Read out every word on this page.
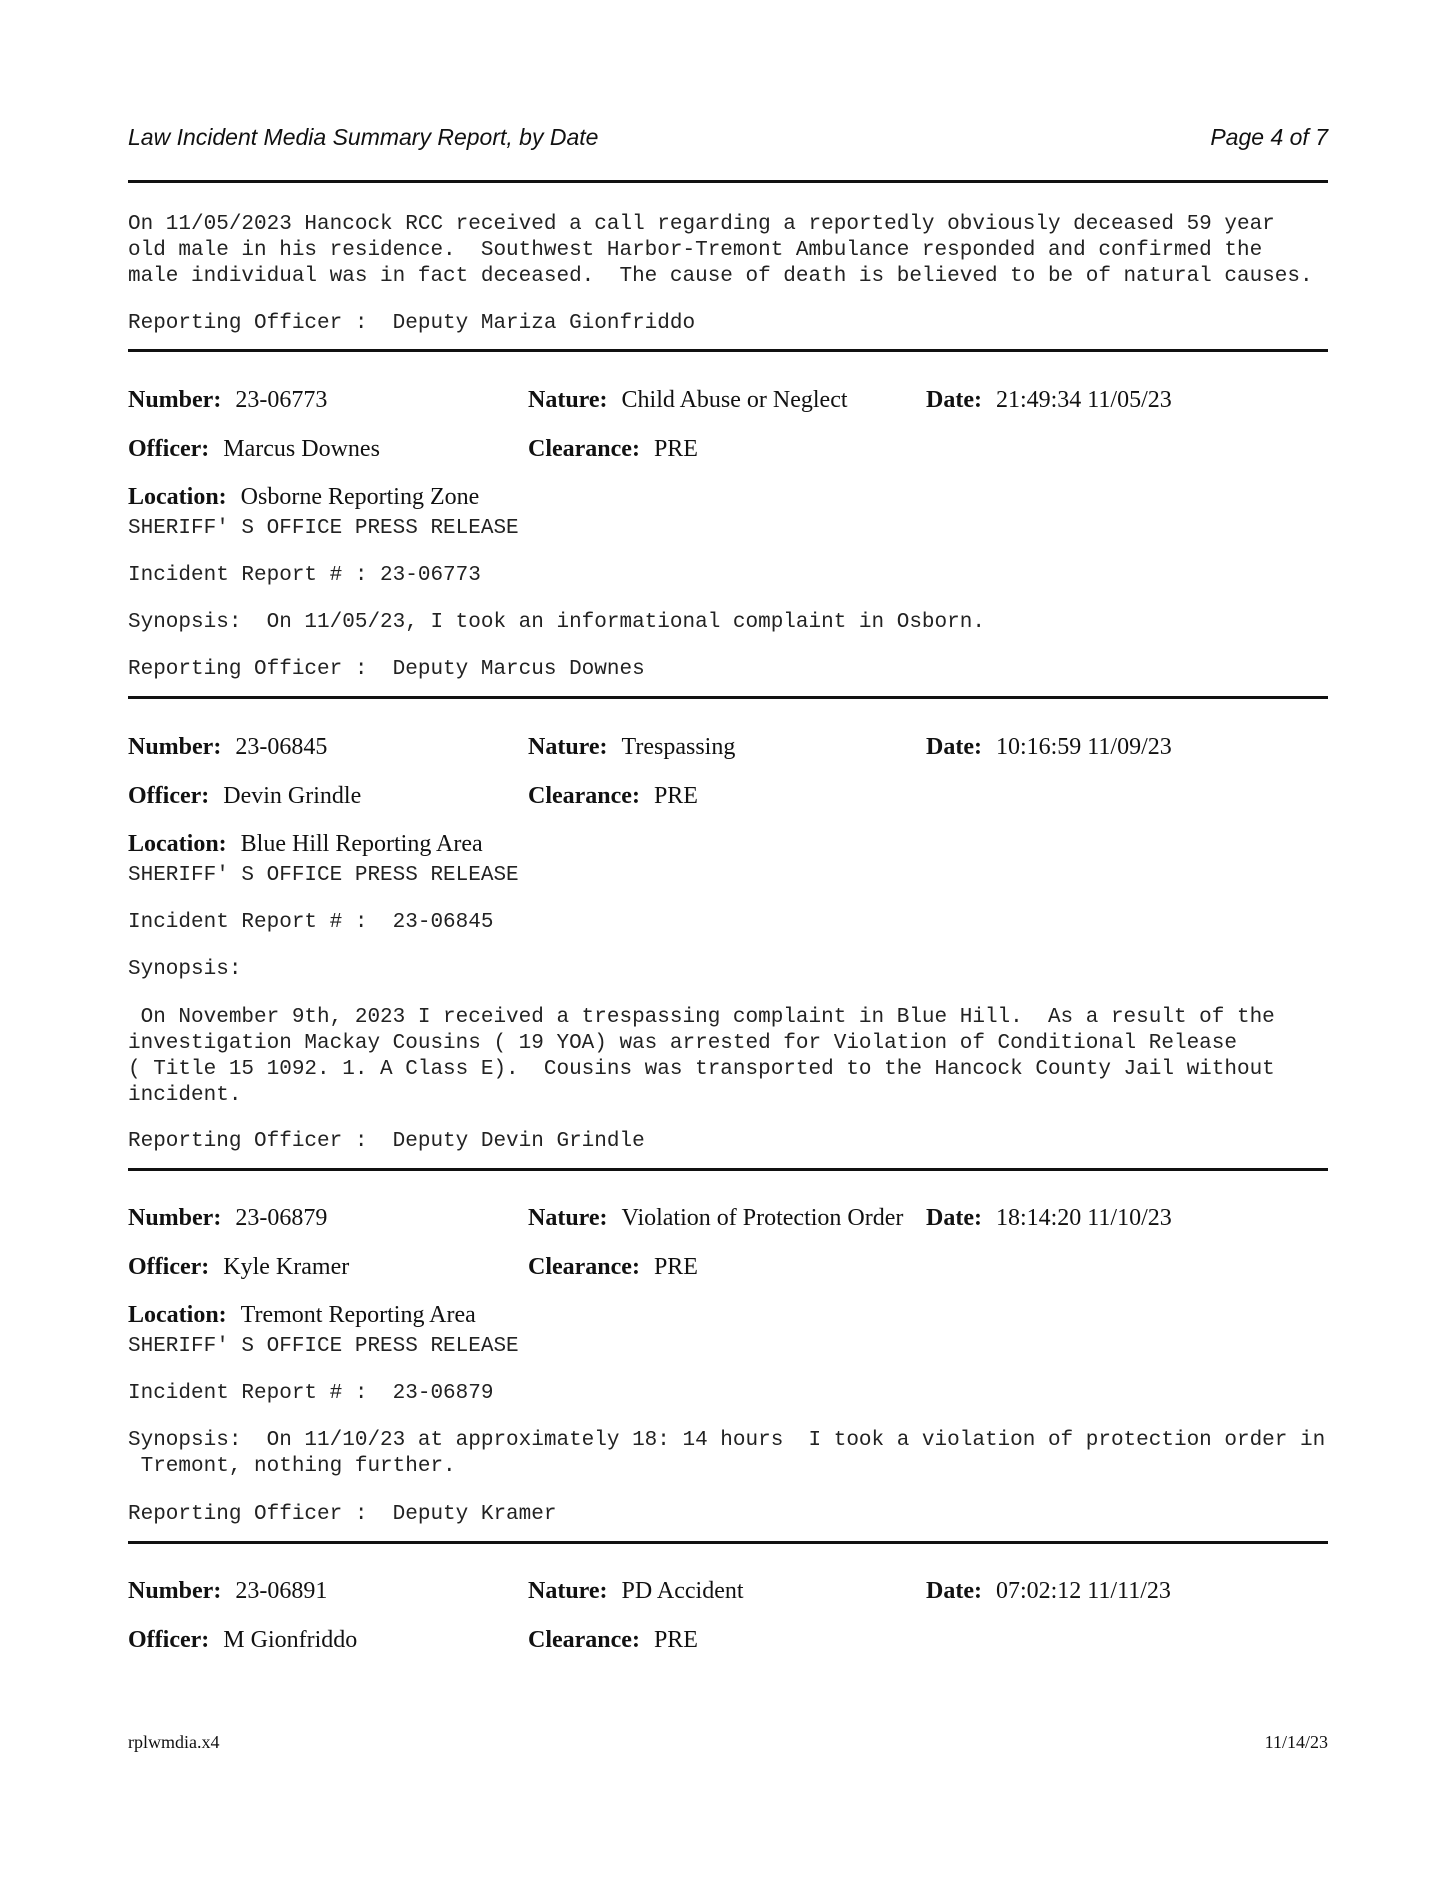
Law Incident Media Summary Report, by Date	Page 4 of 7
On 11/05/2023 Hancock RCC received a call regarding a reportedly obviously deceased 59 year
old male in his residence.  Southwest Harbor-Tremont Ambulance responded and confirmed the
male individual was in fact deceased.  The cause of death is believed to be of natural causes.
Reporting Officer :  Deputy Mariza Gionfriddo
Number: 23-06773	Nature: Child Abuse or Neglect	Date: 21:49:34 11/05/23
Officer: Marcus Downes	Clearance: PRE
Location: Osborne Reporting Zone
SHERIFF' S OFFICE PRESS RELEASE
Incident Report # : 23-06773
Synopsis:  On 11/05/23, I took an informational complaint in Osborn.
Reporting Officer :  Deputy Marcus Downes
Number: 23-06845	Nature: Trespassing	Date: 10:16:59 11/09/23
Officer: Devin Grindle	Clearance: PRE
Location: Blue Hill Reporting Area
SHERIFF' S OFFICE PRESS RELEASE
Incident Report # :  23-06845
Synopsis:
On November 9th, 2023 I received a trespassing complaint in Blue Hill.  As a result of the
investigation Mackay Cousins ( 19 YOA) was arrested for Violation of Conditional Release
( Title 15 1092. 1. A Class E).  Cousins was transported to the Hancock County Jail without
incident.
Reporting Officer :  Deputy Devin Grindle
Number: 23-06879	Nature: Violation of Protection Order Date: 18:14:20 11/10/23
Officer: Kyle Kramer	Clearance: PRE
Location: Tremont Reporting Area
SHERIFF' S OFFICE PRESS RELEASE
Incident Report # :  23-06879
Synopsis:  On 11/10/23 at approximately 18: 14 hours  I took a violation of protection order in
Tremont, nothing further.
Reporting Officer :  Deputy Kramer
Number: 23-06891	Nature: PD Accident	Date: 07:02:12 11/11/23
Officer: M Gionfriddo	Clearance: PRE
rplwmdia.x4	11/14/23
